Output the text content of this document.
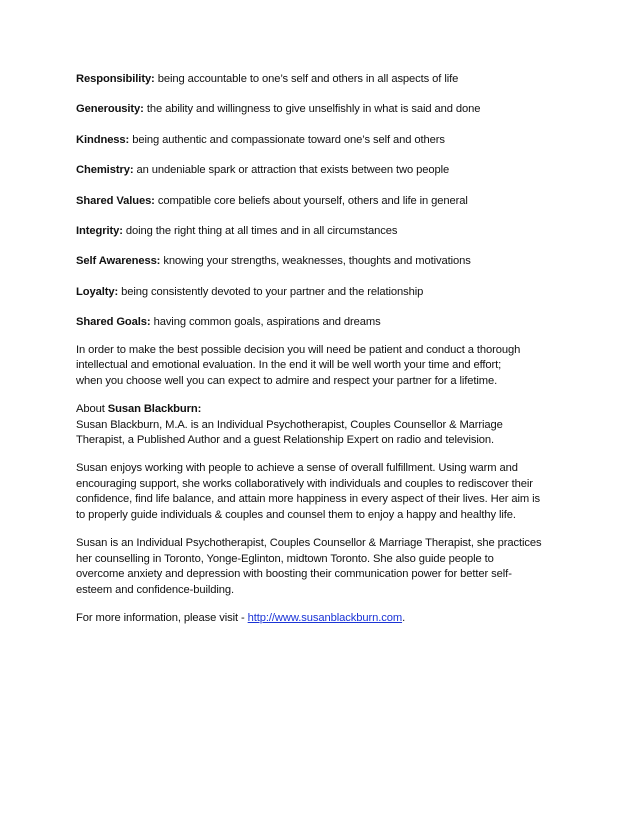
Responsibility: being accountable to one’s self and others in all aspects of life

Generousity: the ability and willingness to give unselfishly in what is said and done

Kindness: being authentic and compassionate toward one’s self and others

Chemistry: an undeniable spark or attraction that exists between two people

Shared Values: compatible core beliefs about yourself, others and life in general

Integrity: doing the right thing at all times and in all circumstances

Self Awareness: knowing your strengths, weaknesses, thoughts and motivations

Loyalty: being consistently devoted to your partner and the relationship

Shared Goals: having common goals, aspirations and dreams

In order to make the best possible decision you will need be patient and conduct a thorough
intellectual and emotional evaluation. In the end it will be well worth your time and effort;
when you choose well you can expect to admire and respect your partner for a lifetime.

About Susan Blackburn:
Susan Blackburn, M.A. is an Individual Psychotherapist, Couples Counsellor & Marriage
Therapist, a Published Author and a guest Relationship Expert on radio and television.

Susan enjoys working with people to achieve a sense of overall fulfillment. Using warm and
encouraging support, she works collaboratively with individuals and couples to rediscover their
confidence, find life balance, and attain more happiness in every aspect of their lives. Her aim is
to properly guide individuals & couples and counsel them to enjoy a happy and healthy life.

Susan is an Individual Psychotherapist, Couples Counsellor & Marriage Therapist, she practices
her counselling in Toronto, Yonge-Eglinton, midtown Toronto. She also guide people to
overcome anxiety and depression with boosting their communication power for better self-
esteem and confidence-building.

For more information, please visit - http://www.susanblackburn.com.
